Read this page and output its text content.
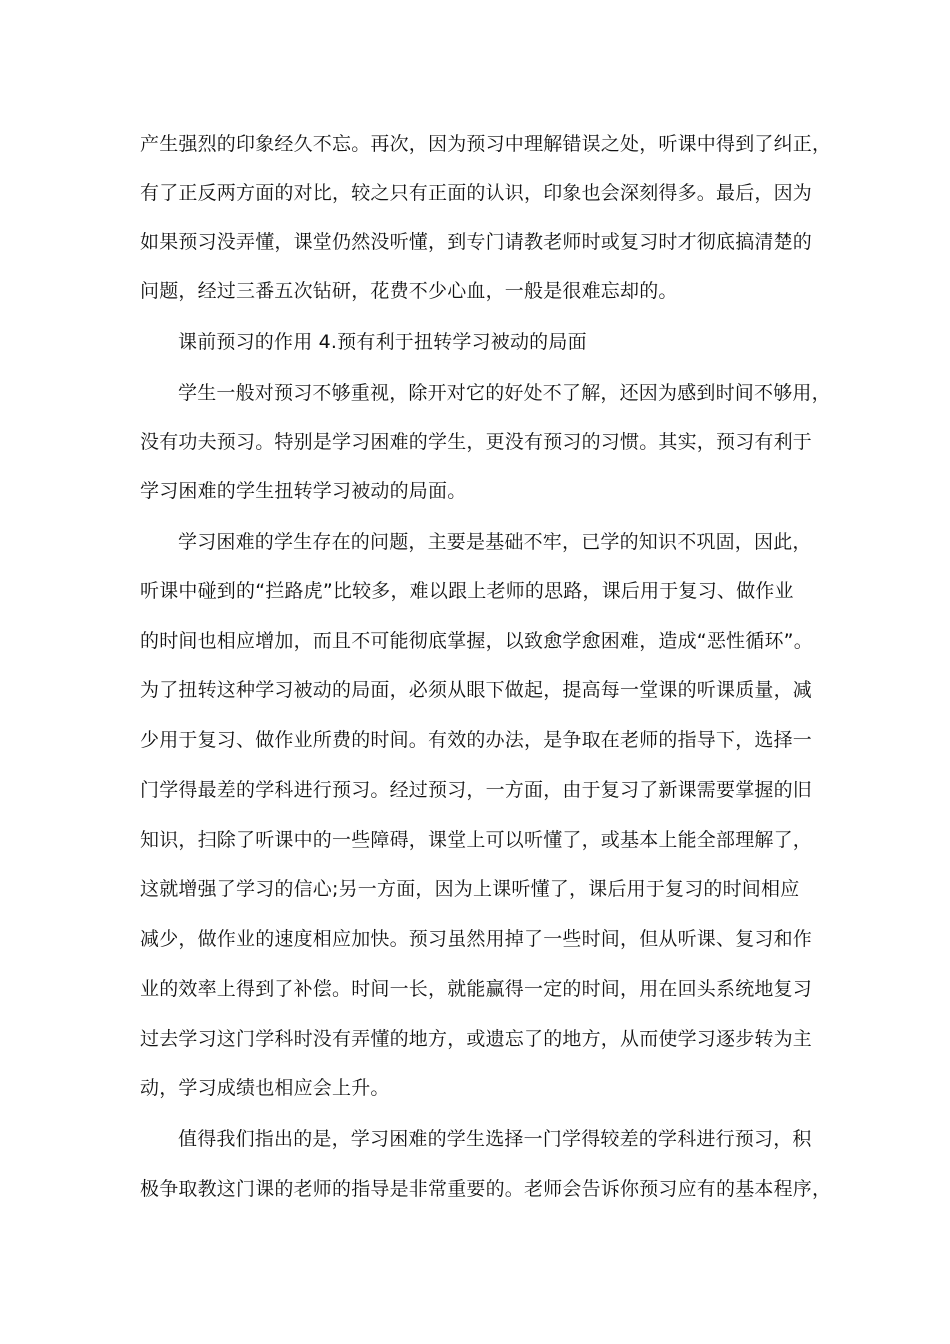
产生强烈的印象经久不忘。再次，因为预习中理解错误之处，听课中得到了纠正，
有了正反两方面的对比，较之只有正面的认识，印象也会深刻得多。最后，因为
如果预习没弄懂，课堂仍然没听懂，到专门请教老师时或复习时才彻底搞清楚的
问题，经过三番五次钻研，花费不少心血，一般是很难忘却的。
课前预习的作用 4.预有利于扭转学习被动的局面
学生一般对预习不够重视，除开对它的好处不了解，还因为感到时间不够用，
没有功夫预习。特别是学习困难的学生，更没有预习的习惯。其实，预习有利于
学习困难的学生扭转学习被动的局面。
学习困难的学生存在的问题，主要是基础不牢，已学的知识不巩固，因此，
听课中碰到的“拦路虎”比较多，难以跟上老师的思路，课后用于复习、做作业
的时间也相应增加，而且不可能彻底掌握，以致愈学愈困难，造成“恶性循环”。
为了扭转这种学习被动的局面，必须从眼下做起，提高每一堂课的听课质量，减
少用于复习、做作业所费的时间。有效的办法，是争取在老师的指导下，选择一
门学得最差的学科进行预习。经过预习，一方面，由于复习了新课需要掌握的旧
知识，扫除了听课中的一些障碍，课堂上可以听懂了，或基本上能全部理解了，
这就增强了学习的信心;另一方面，因为上课听懂了，课后用于复习的时间相应
减少，做作业的速度相应加快。预习虽然用掉了一些时间，但从听课、复习和作
业的效率上得到了补偿。时间一长，就能赢得一定的时间，用在回头系统地复习
过去学习这门学科时没有弄懂的地方，或遗忘了的地方，从而使学习逐步转为主
动，学习成绩也相应会上升。
值得我们指出的是，学习困难的学生选择一门学得较差的学科进行预习，积
极争取教这门课的老师的指导是非常重要的。老师会告诉你预习应有的基本程序，
